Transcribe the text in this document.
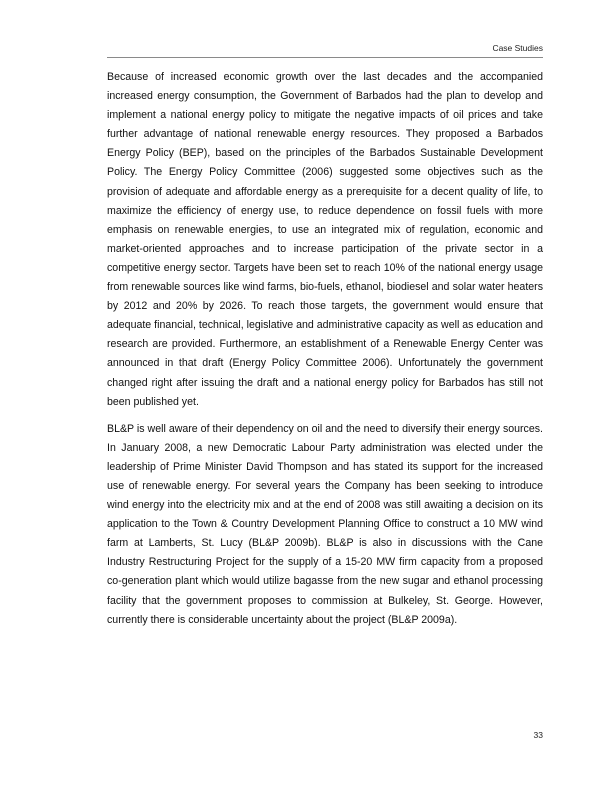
Case Studies

Because of increased economic growth over the last decades and the accompanied increased energy consumption, the Government of Barbados had the plan to develop and implement a national energy policy to mitigate the negative impacts of oil prices and take further advantage of national renewable energy resources. They proposed a Barbados Energy Policy (BEP), based on the principles of the Barbados Sustainable Development Policy. The Energy Policy Committee (2006) suggested some objectives such as the provision of adequate and affordable energy as a prerequisite for a decent quality of life, to maximize the efficiency of energy use, to reduce dependence on fossil fuels with more emphasis on renewable energies, to use an integrated mix of regulation, economic and market-oriented approaches and to increase participation of the private sector in a competitive energy sector. Targets have been set to reach 10% of the national energy usage from renewable sources like wind farms, bio-fuels, ethanol, biodiesel and solar water heaters by 2012 and 20% by 2026. To reach those targets, the government would ensure that adequate financial, technical, legislative and administrative capacity as well as education and research are provided. Furthermore, an establishment of a Renewable Energy Center was announced in that draft (Energy Policy Committee 2006). Unfortunately the government changed right after issuing the draft and a national energy policy for Barbados has still not been published yet.

BL&P is well aware of their dependency on oil and the need to diversify their energy sources. In January 2008, a new Democratic Labour Party administration was elected under the leadership of Prime Minister David Thompson and has stated its support for the increased use of renewable energy. For several years the Company has been seeking to introduce wind energy into the electricity mix and at the end of 2008 was still awaiting a decision on its application to the Town & Country Development Planning Office to construct a 10 MW wind farm at Lamberts, St. Lucy (BL&P 2009b). BL&P is also in discussions with the Cane Industry Restructuring Project for the supply of a 15-20 MW firm capacity from a proposed co-generation plant which would utilize bagasse from the new sugar and ethanol processing facility that the government proposes to commission at Bulkeley, St. George. However, currently there is considerable uncertainty about the project (BL&P 2009a).

33
